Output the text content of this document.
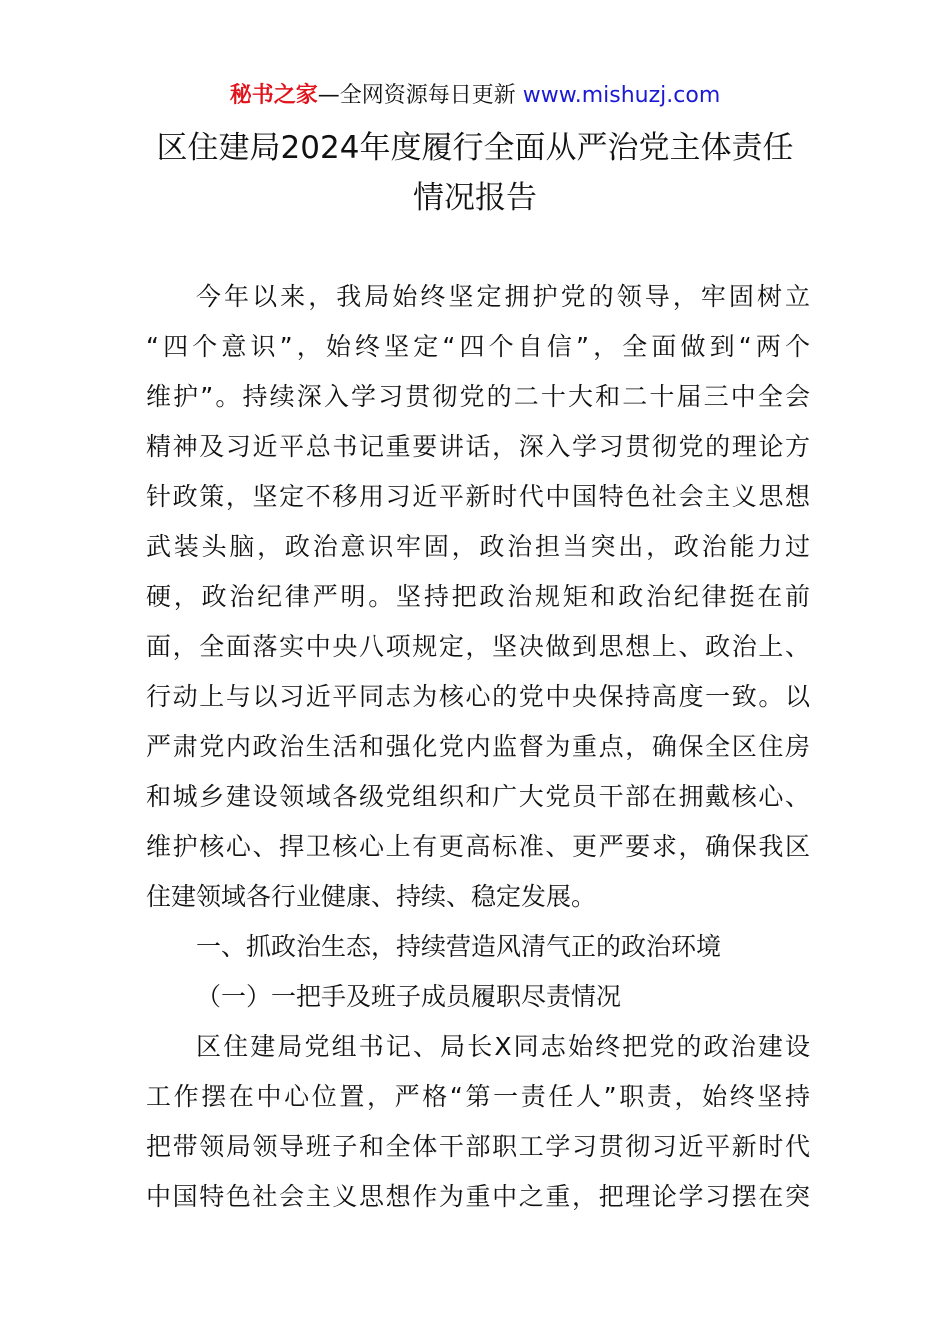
秘书之家—全网资源每日更新 www.mishuzj.com
区住建局2024年度履行全面从严治党主体责任
情况报告
今年以来，我局始终坚定拥护党的领导，牢固树立
“四个意识”，始终坚定“四个自信”，全面做到“两个
维护”。持续深入学习贯彻党的二十大和二十届三中全会
精神及习近平总书记重要讲话，深入学习贯彻党的理论方
针政策，坚定不移用习近平新时代中国特色社会主义思想
武装头脑，政治意识牢固，政治担当突出，政治能力过
硬，政治纪律严明。坚持把政治规矩和政治纪律挺在前
面，全面落实中央八项规定，坚决做到思想上、政治上、
行动上与以习近平同志为核心的党中央保持高度一致。以
严肃党内政治生活和强化党内监督为重点，确保全区住房
和城乡建设领域各级党组织和广大党员干部在拥戴核心、
维护核心、捍卫核心上有更高标准、更严要求，确保我区
住建领域各行业健康、持续、稳定发展。
一、抓政治生态，持续营造风清气正的政治环境
（一）一把手及班子成员履职尽责情况
区住建局党组书记、局长X同志始终把党的政治建设
工作摆在中心位置，严格“第一责任人”职责，始终坚持
把带领局领导班子和全体干部职工学习贯彻习近平新时代
中国特色社会主义思想作为重中之重，把理论学习摆在突
